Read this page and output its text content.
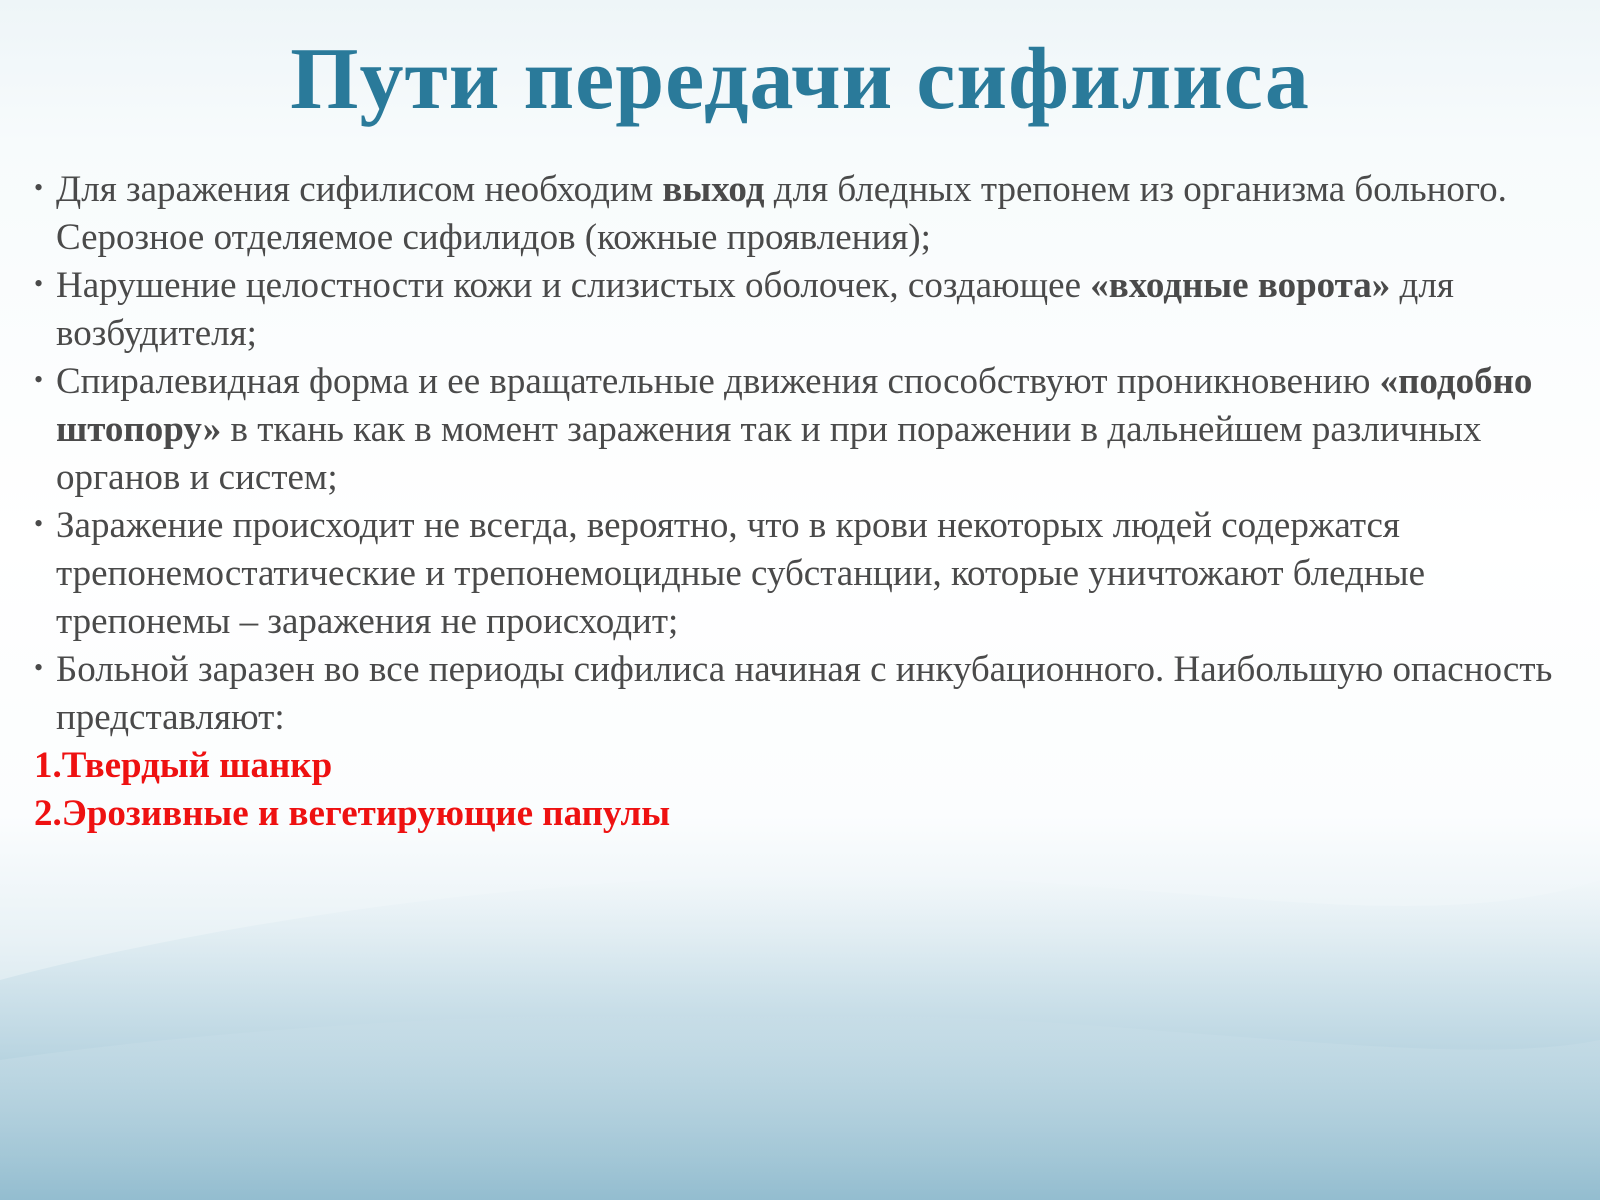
Пути передачи сифилиса
• Для заражения сифилисом необходим выход для бледных трепонем из организма больного. Серозное отделяемое сифилидов (кожные проявления);
• Нарушение целостности кожи и слизистых оболочек, создающее «входные ворота» для возбудителя;
• Спиралевидная форма и ее вращательные движения способствуют проникновению «подобно штопору» в ткань как в момент заражения так и при поражении в дальнейшем различных органов и систем;
• Заражение происходит не всегда, вероятно, что в крови некоторых людей содержатся трепонемостатические и трепонемоцидные субстанции, которые уничтожают бледные трепонемы – заражения не происходит;
• Больной заразен во все периоды сифилиса начиная с инкубационного. Наибольшую опасность представляют:
1.Твердый шанкр
2.Эрозивные и вегетирующие папулы
